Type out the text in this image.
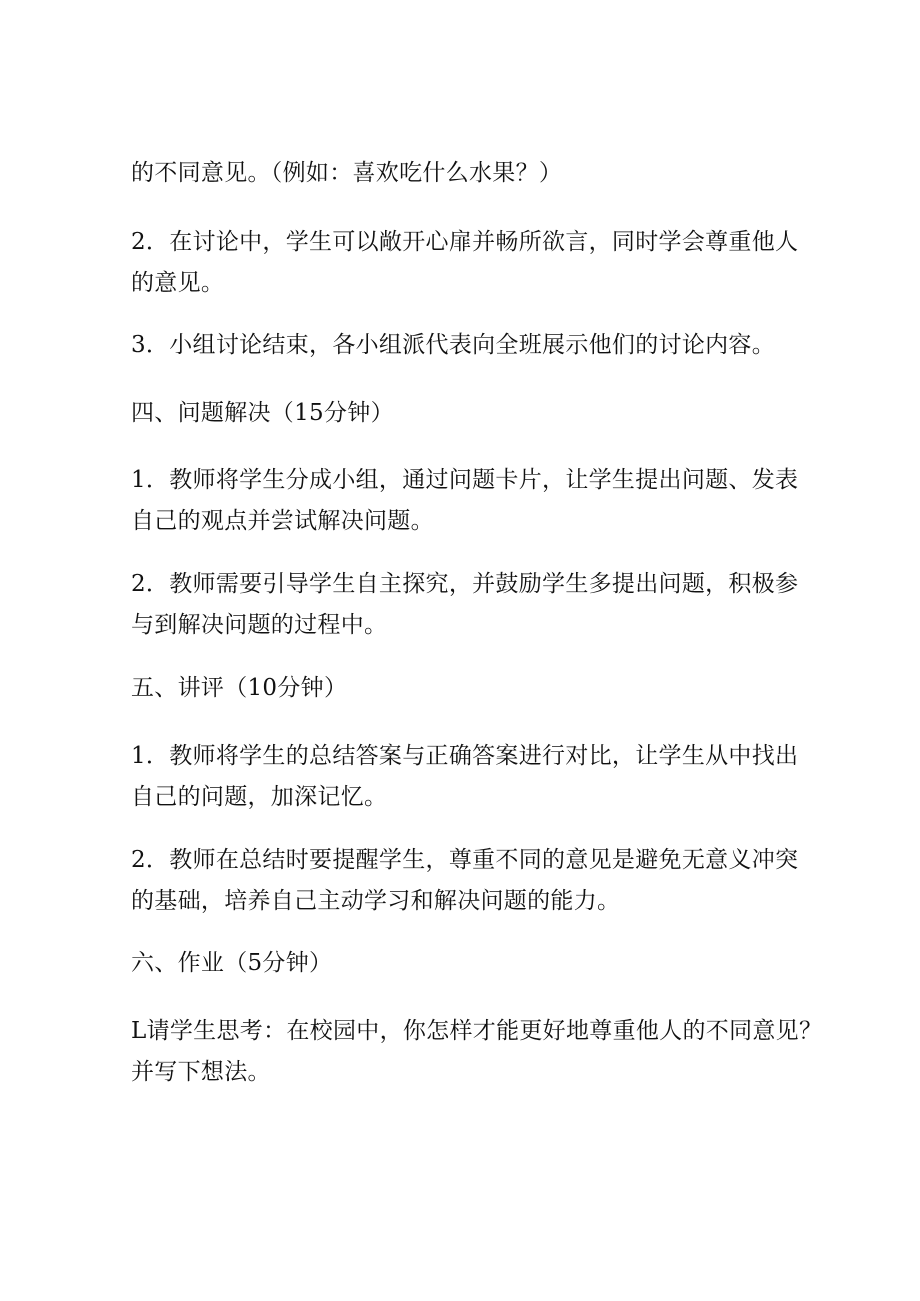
的不同意见。（例如：喜欢吃什么水果？）

2．在讨论中，学生可以敞开心扉并畅所欲言，同时学会尊重他人
的意见。

3．小组讨论结束，各小组派代表向全班展示他们的讨论内容。

四、问题解决（15分钟）

1．教师将学生分成小组，通过问题卡片，让学生提出问题、发表
自己的观点并尝试解决问题。

2．教师需要引导学生自主探究，并鼓励学生多提出问题，积极参
与到解决问题的过程中。

五、讲评（10分钟）

1．教师将学生的总结答案与正确答案进行对比，让学生从中找出
自己的问题，加深记忆。

2．教师在总结时要提醒学生，尊重不同的意见是避免无意义冲突
的基础，培养自己主动学习和解决问题的能力。

六、作业（5分钟）

L请学生思考：在校园中，你怎样才能更好地尊重他人的不同意见？
并写下想法。
